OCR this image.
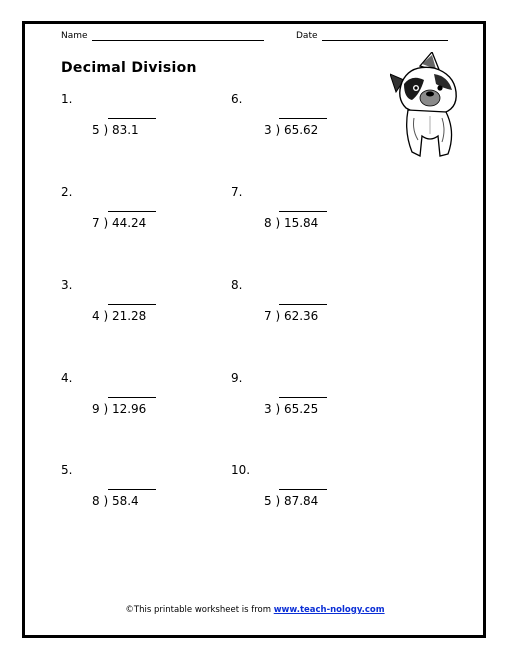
Name	Date
Decimal Division
1.
5 ) 83.1
2.
7 ) 44.24
3.
4 ) 21.28
4.
9 ) 12.96
5.
8 ) 58.4
6.
3 ) 65.62
7.
8 ) 15.84
8.
7 ) 62.36
9.
3 ) 65.25
10.
5 ) 87.84
©This printable worksheet is from www.teach-nology.com
